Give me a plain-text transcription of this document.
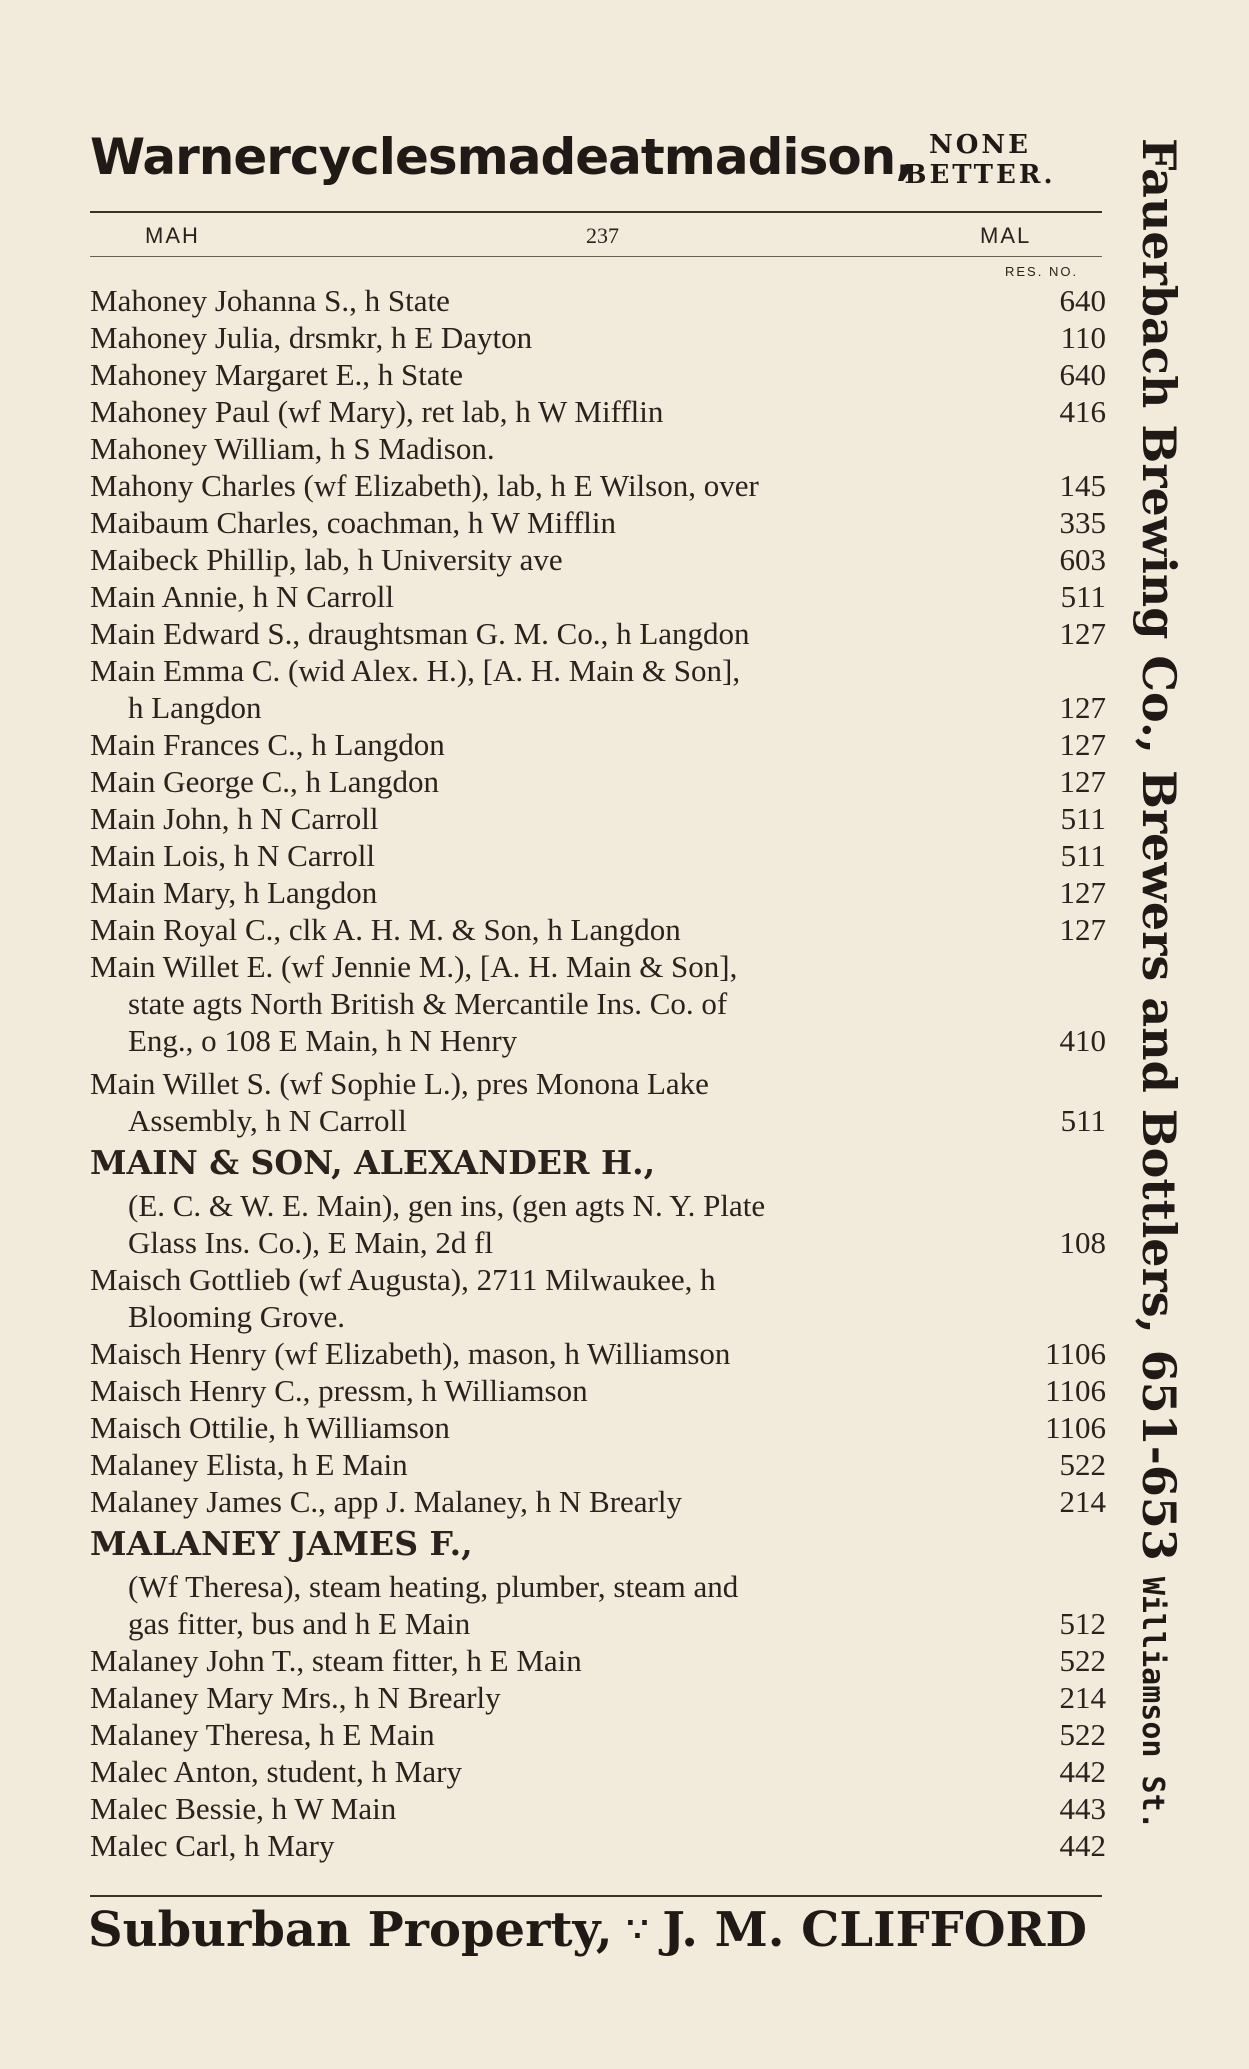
Warnercyclesmadeatmadison, NONE
BETTER.
MAH	237	MAL
RES. NO.
Mahoney Johanna S., h State	640
Mahoney Julia, drsmkr, h E Dayton	110
Mahoney Margaret E., h State	640
Mahoney Paul (wf Mary), ret lab, h W Mifflin	416
Mahoney William, h S Madison.
Mahony Charles (wf Elizabeth), lab, h E Wilson, over	145
Maibaum Charles, coachman, h W Mifflin	335
Maibeck Phillip, lab, h University ave	603
Main Annie, h N Carroll	511
Main Edward S., draughtsman G. M. Co., h Langdon	127
Main Emma C. (wid Alex. H.), [A. H. Main & Son],
h Langdon	127
Main Frances C., h Langdon	127
Main George C., h Langdon	127
Main John, h N Carroll	511
Main Lois, h N Carroll	511
Main Mary, h Langdon	127
Main Royal C., clk A. H. M. & Son, h Langdon	127
Main Willet E. (wf Jennie M.), [A. H. Main & Son],
state agts North British & Mercantile Ins. Co. of
Eng., o 108 E Main, h N Henry	410
Main Willet S. (wf Sophie L.), pres Monona Lake
Assembly, h N Carroll	511
MAIN & SON, ALEXANDER H.,
(E. C. & W. E. Main), gen ins, (gen agts N. Y. Plate
Glass Ins. Co.), E Main, 2d fl	108
Maisch Gottlieb (wf Augusta), 2711 Milwaukee, h
Blooming Grove.
Maisch Henry (wf Elizabeth), mason, h Williamson	1106
Maisch Henry C., pressm, h Williamson	1106
Maisch Ottilie, h Williamson	1106
Malaney Elista, h E Main	522
Malaney James C., app J. Malaney, h N Brearly	214
MALANEY JAMES F.,
(Wf Theresa), steam heating, plumber, steam and
gas fitter, bus and h E Main	512
Malaney John T., steam fitter, h E Main	522
Malaney Mary Mrs., h N Brearly	214
Malaney Theresa, h E Main	522
Malec Anton, student, h Mary	442
Malec Bessie, h W Main	443
Malec Carl, h Mary	442
Suburban Property, ∵ J. M. CLIFFORD
Fauerbach Brewing Co., Brewers and Bottlers, 651-653 Williamson St.
